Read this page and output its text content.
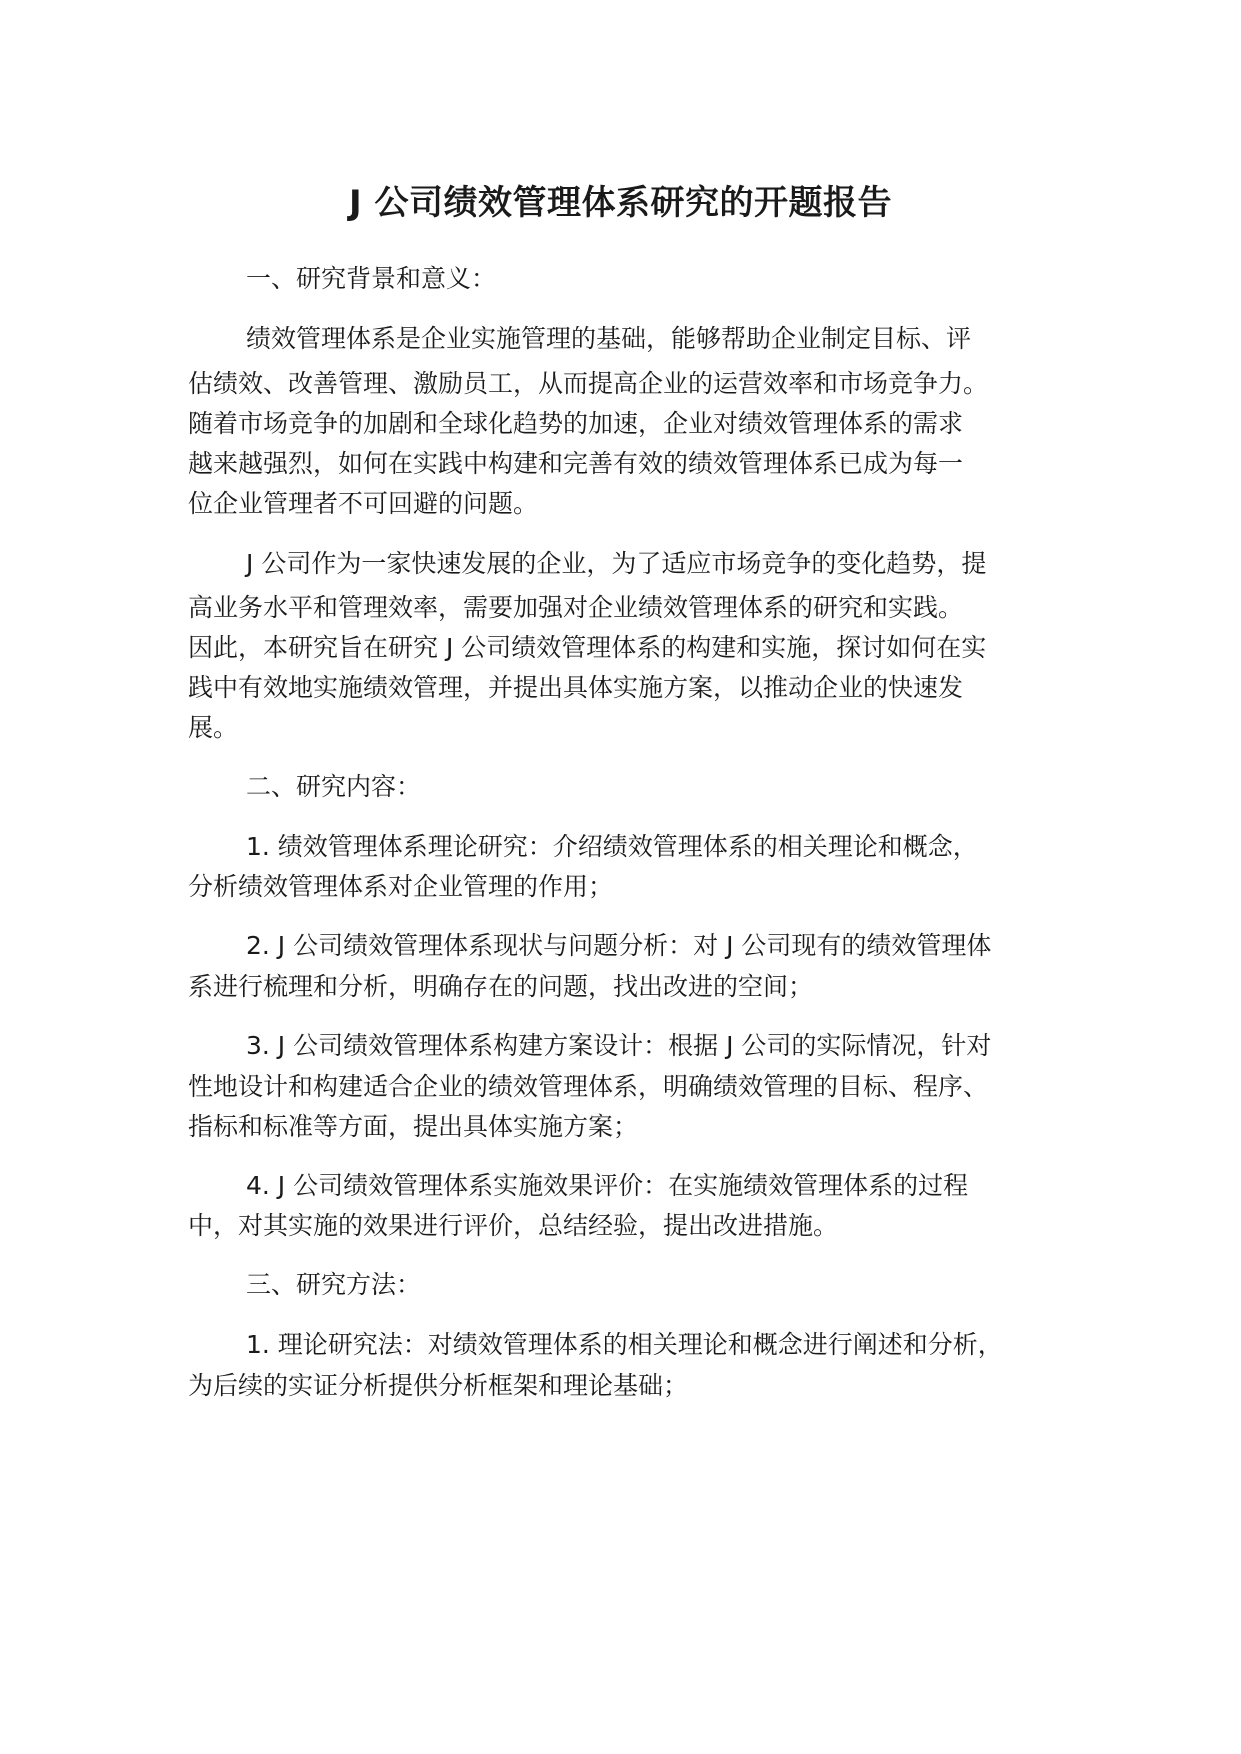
J 公司绩效管理体系研究的开题报告
一、研究背景和意义：
绩效管理体系是企业实施管理的基础，能够帮助企业制定目标、评
估绩效、改善管理、激励员工，从而提高企业的运营效率和市场竞争力。
随着市场竞争的加剧和全球化趋势的加速，企业对绩效管理体系的需求
越来越强烈，如何在实践中构建和完善有效的绩效管理体系已成为每一
位企业管理者不可回避的问题。
J 公司作为一家快速发展的企业，为了适应市场竞争的变化趋势，提
高业务水平和管理效率，需要加强对企业绩效管理体系的研究和实践。
因此，本研究旨在研究 J 公司绩效管理体系的构建和实施，探讨如何在实
践中有效地实施绩效管理，并提出具体实施方案，以推动企业的快速发
展。
二、研究内容：
1. 绩效管理体系理论研究：介绍绩效管理体系的相关理论和概念，
分析绩效管理体系对企业管理的作用；
2. J 公司绩效管理体系现状与问题分析：对 J 公司现有的绩效管理体
系进行梳理和分析，明确存在的问题，找出改进的空间；
3. J 公司绩效管理体系构建方案设计：根据 J 公司的实际情况，针对
性地设计和构建适合企业的绩效管理体系，明确绩效管理的目标、程序、
指标和标准等方面，提出具体实施方案；
4. J 公司绩效管理体系实施效果评价：在实施绩效管理体系的过程
中，对其实施的效果进行评价，总结经验，提出改进措施。
三、研究方法：
1. 理论研究法：对绩效管理体系的相关理论和概念进行阐述和分析，
为后续的实证分析提供分析框架和理论基础；
